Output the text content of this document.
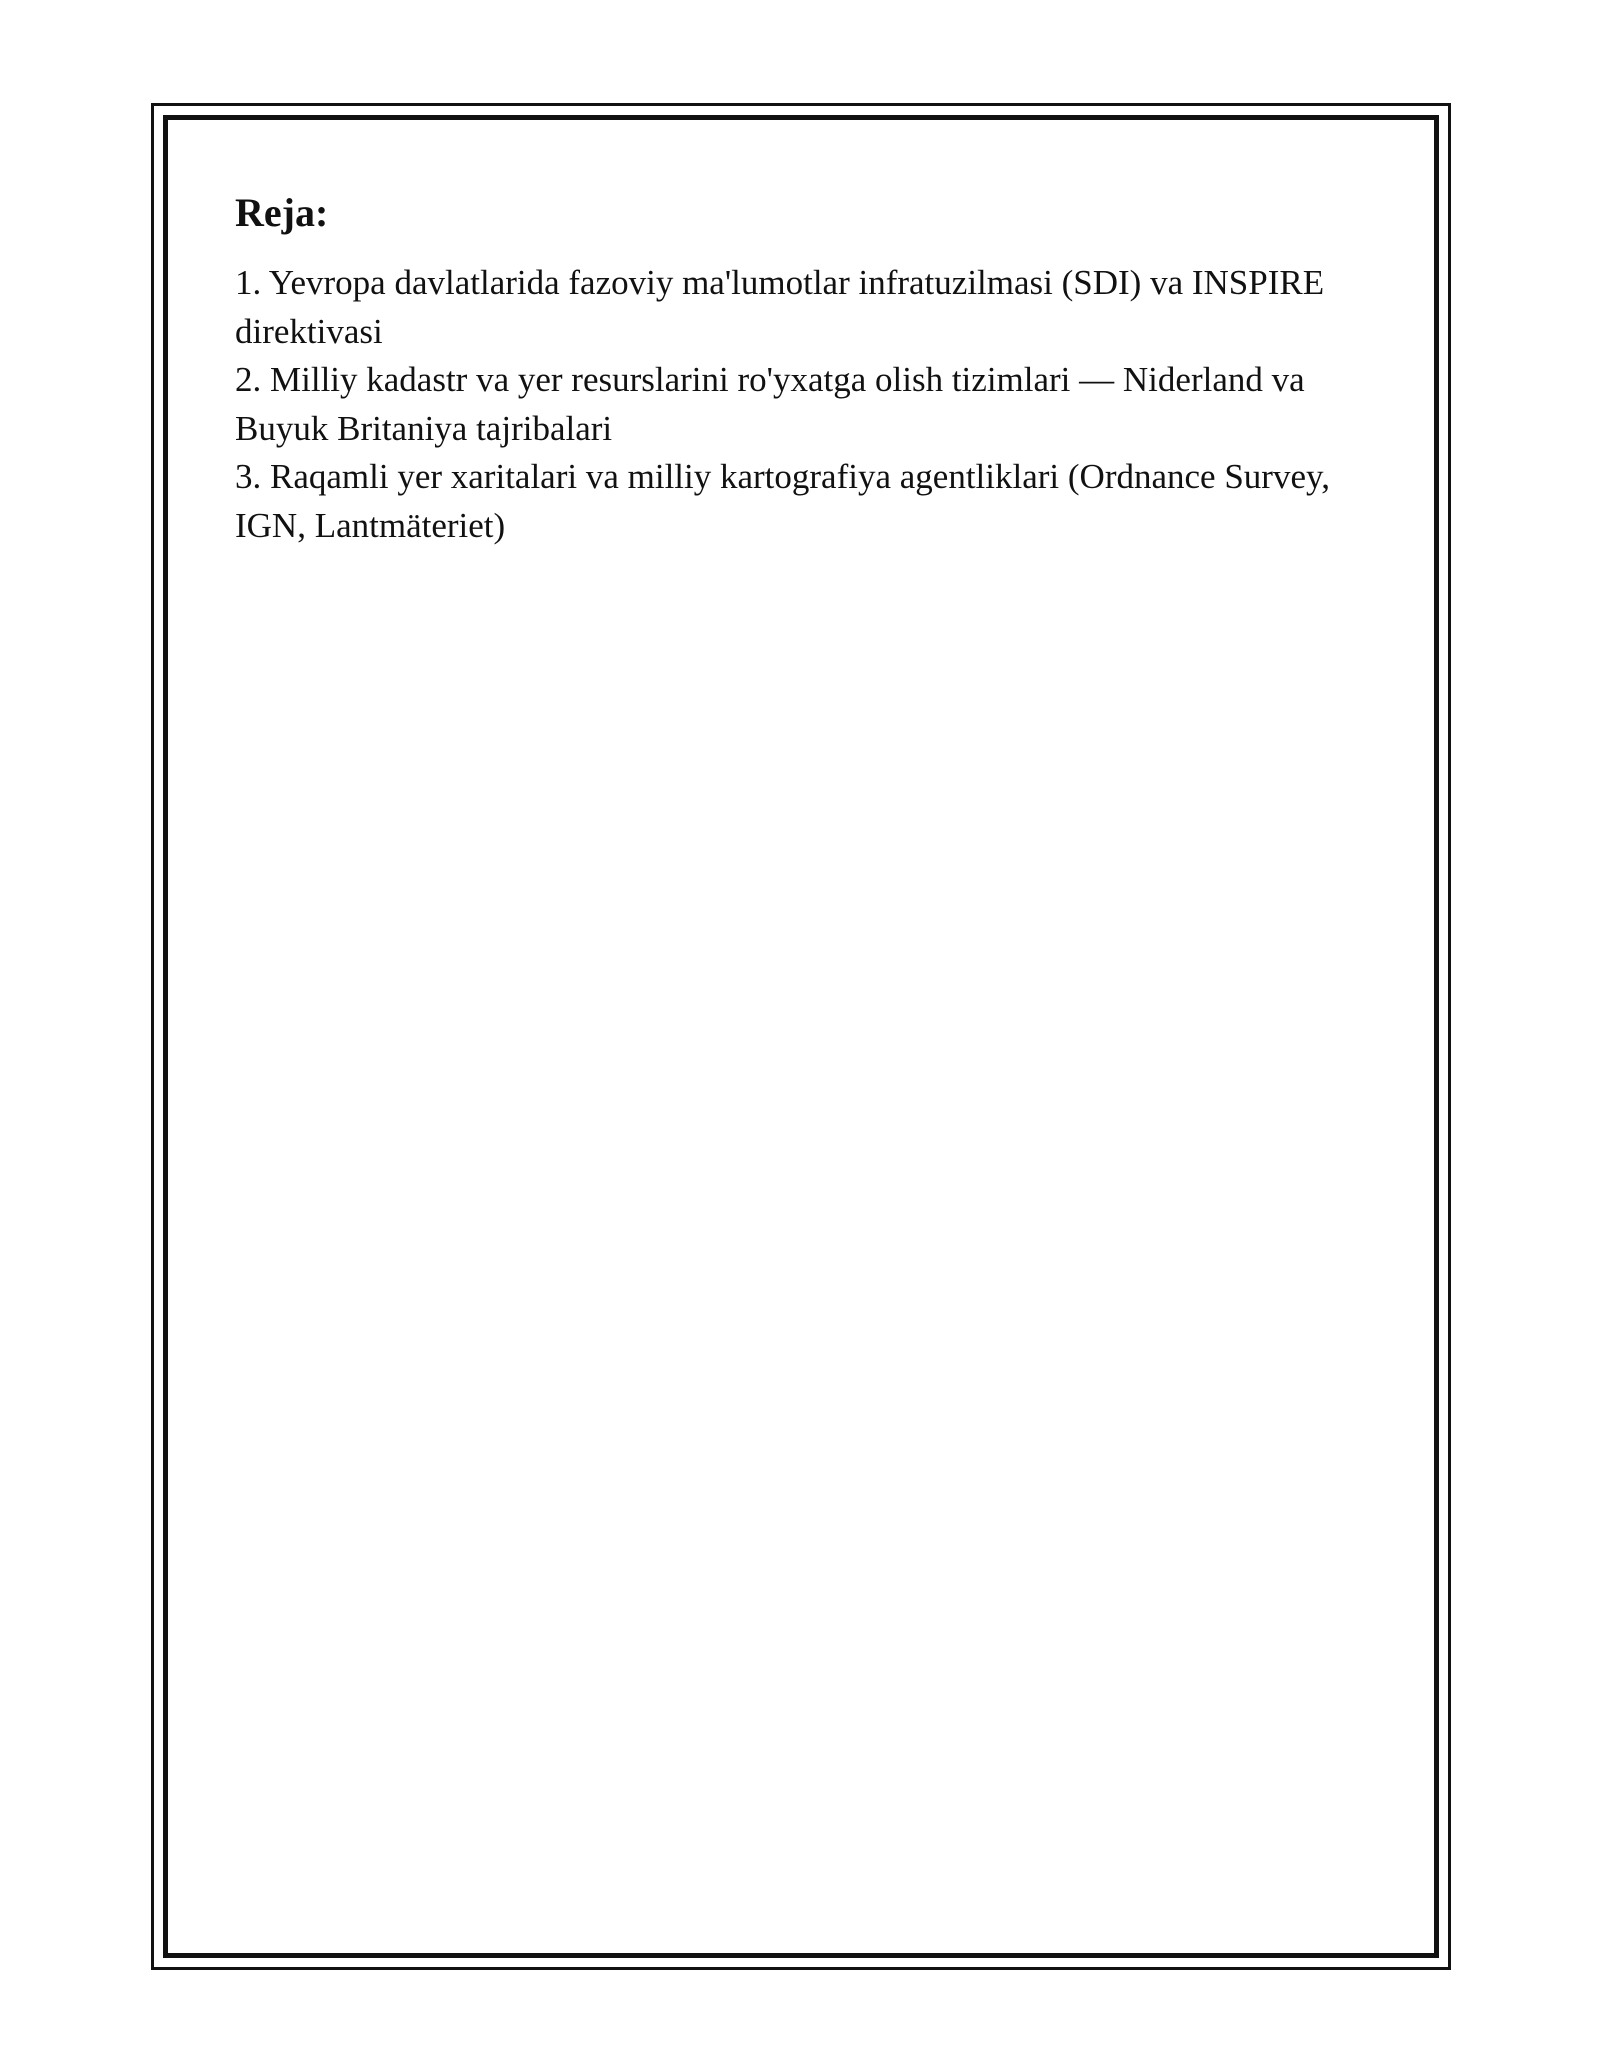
Reja:
1. Yevropa davlatlarida fazoviy ma'lumotlar infratuzilmasi (SDI) va INSPIRE direktivasi
2. Milliy kadastr va yer resurslarini ro'yxatga olish tizimlari — Niderland va Buyuk Britaniya tajribalari
3. Raqamli yer xaritalari va milliy kartografiya agentliklari (Ordnance Survey, IGN, Lantmäteriet)
